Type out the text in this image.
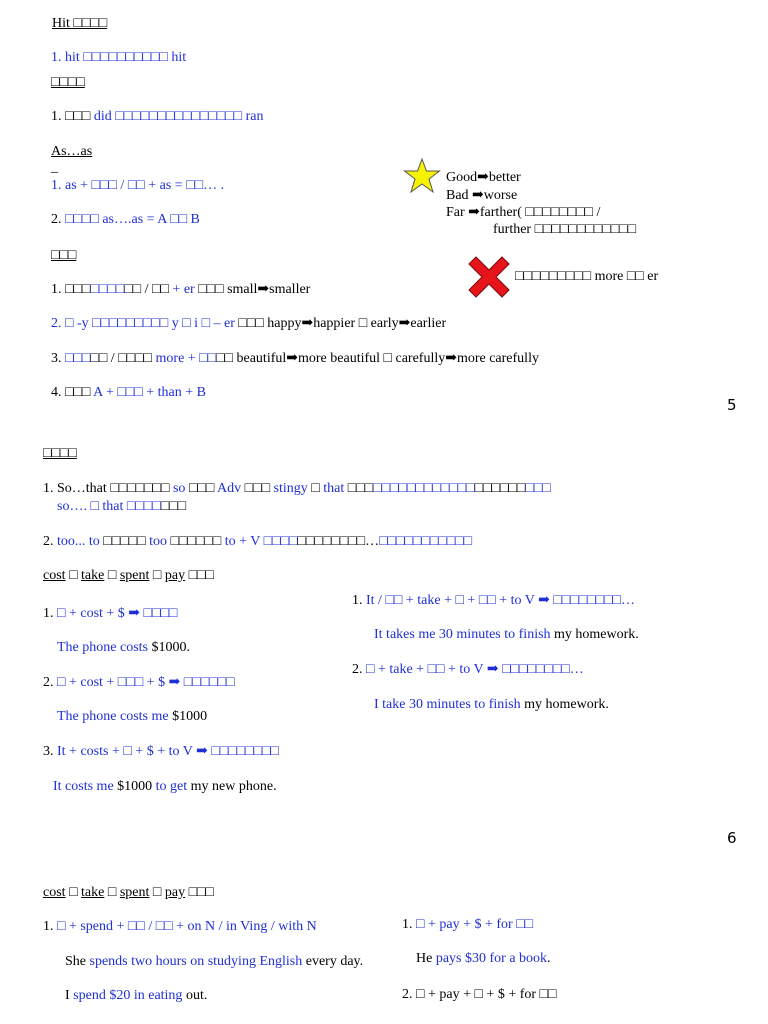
Hit □□□□
1. hit □□□□□□□□□□ hit
□□□□
1. □□□ did □□□□□□□□□□□□□□□ ran
As…as
_
1. as + □□□ / □□ + as = □□… .
2. □□□□ as….as = A □□ B
Good➡better
Bad ➡worse
Far ➡farther( □□□□□□□□ /
further □□□□□□□□□□□□
□□□
□□□□□□□□□ more □□ er
1. □□□□□□□□□ / □□ + er □□□ small➡smaller
2. □ -y □□□□□□□□□ y □ i □ – er □□□ happy➡happier □ early➡earlier
3. □□□□□ / □□□□ more + □□□□ beautiful➡more beautiful □ carefully➡more carefully
4. □□□ A + □□□ + than + B
5
□□□□
1. So…that □□□□□□□ so □□□ Adv □□□ stingy □ that □□□□□□□□□□□□□□□□□□□□□□□□
so…. □ that □□□□□□□
2. too... to □□□□□ too □□□□□□ to + V □□□□□□□□□□□□…□□□□□□□□□□□
cost □ take □ spent □ pay □□□
1. □ + cost + $ ➡ □□□□
The phone costs $1000.
2. □ + cost + □□□ + $ ➡ □□□□□□
The phone costs me $1000
3. It + costs + □ + $ + to V ➡ □□□□□□□□
It costs me $1000 to get my new phone.
1. It / □□ + take + □ + □□ + to V ➡ □□□□□□□□…
It takes me 30 minutes to finish my homework.
2. □ + take + □□ + to V ➡ □□□□□□□□…
I take 30 minutes to finish my homework.
6
cost □ take □ spent □ pay □□□
1. □ + spend + □□ / □□ + on N / in Ving / with N
She spends two hours on studying English every day.
I spend $20 in eating out.
1. □ + pay + $ + for □□
He pays $30 for a book.
2. □ + pay + □ + $ + for □□
